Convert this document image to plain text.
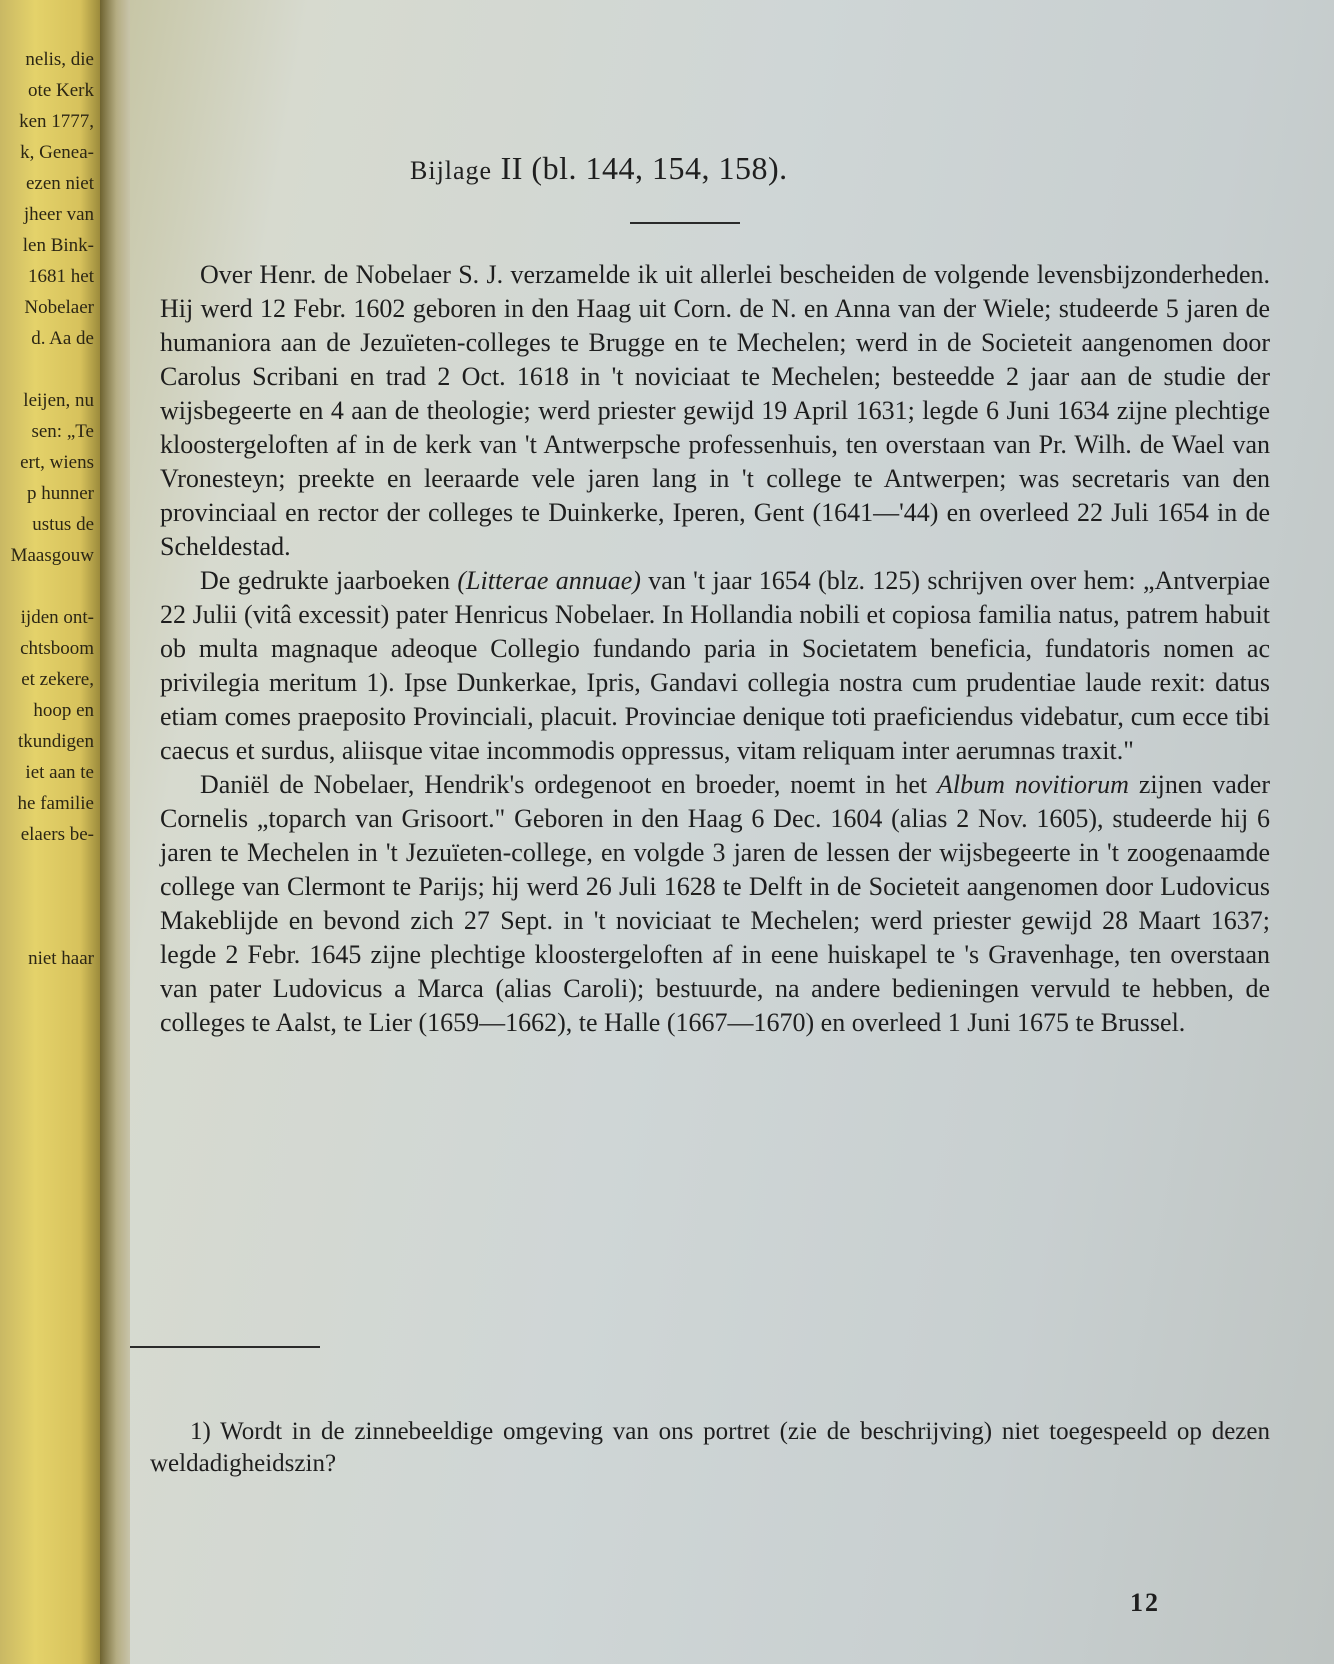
nelis, die
ote Kerk
ken 1777,
k, Genea-
ezen niet
jheer van
len Bink-
1681 het
Nobelaer
d. Aa de
leijen, nu
sen: „Te
ert, wiens
p hunner
ustus de
Maasgouw
ijden ont-
chtsboom
et zekere,
hoop en
tkundigen
iet aan te
he familie
elaers be-
niet haar
Bijlage II (bl. 144, 154, 158).

Over Henr. de Nobelaer S. J. verzamelde ik uit allerlei bescheiden de volgende levensbijzonderheden. Hij werd 12 Febr. 1602 geboren in den Haag uit Corn. de N. en Anna van der Wiele; studeerde 5 jaren de humaniora aan de Jezuïeten-colleges te Brugge en te Mechelen; werd in de Societeit aangenomen door Carolus Scribani en trad 2 Oct. 1618 in 't noviciaat te Mechelen; besteedde 2 jaar aan de studie der wijsbegeerte en 4 aan de theologie; werd priester gewijd 19 April 1631; legde 6 Juni 1634 zijne plechtige kloostergeloften af in de kerk van 't Antwerpsche professenhuis, ten overstaan van Pr. Wilh. de Wael van Vronesteyn; preekte en leeraarde vele jaren lang in 't college te Antwerpen; was secretaris van den provinciaal en rector der colleges te Duinkerke, Iperen, Gent (1641—'44) en overleed 22 Juli 1654 in de Scheldestad.

De gedrukte jaarboeken (Litterae annuae) van 't jaar 1654 (blz. 125) schrijven over hem: „Antverpiae 22 Julii (vitâ excessit) pater Henricus Nobelaer. In Hollandia nobili et copiosa familia natus, patrem habuit ob multa magnaque adeoque Collegio fundando paria in Societatem beneficia, fundatoris nomen ac privilegia meritum 1). Ipse Dunkerkae, Ipris, Gandavi collegia nostra cum prudentiae laude rexit: datus etiam comes praeposito Provinciali, placuit. Provinciae denique toti praeficiendus videbatur, cum ecce tibi caecus et surdus, aliisque vitae incommodis oppressus, vitam reliquam inter aerumnas traxit."

Daniël de Nobelaer, Hendrik's ordegenoot en broeder, noemt in het Album novitiorum zijnen vader Cornelis „toparch van Grisoort." Geboren in den Haag 6 Dec. 1604 (alias 2 Nov. 1605), studeerde hij 6 jaren te Mechelen in 't Jezuïeten-college, en volgde 3 jaren de lessen der wijsbegeerte in 't zoogenaamde college van Clermont te Parijs; hij werd 26 Juli 1628 te Delft in de Societeit aangenomen door Ludovicus Makeblijde en bevond zich 27 Sept. in 't noviciaat te Mechelen; werd priester gewijd 28 Maart 1637; legde 2 Febr. 1645 zijne plechtige kloostergeloften af in eene huiskapel te 's Gravenhage, ten overstaan van pater Ludovicus a Marca (alias Caroli); bestuurde, na andere bedieningen vervuld te hebben, de colleges te Aalst, te Lier (1659—1662), te Halle (1667—1670) en overleed 1 Juni 1675 te Brussel.

1) Wordt in de zinnebeeldige omgeving van ons portret (zie de beschrijving) niet toegespeeld op dezen weldadigheidszin?
12
